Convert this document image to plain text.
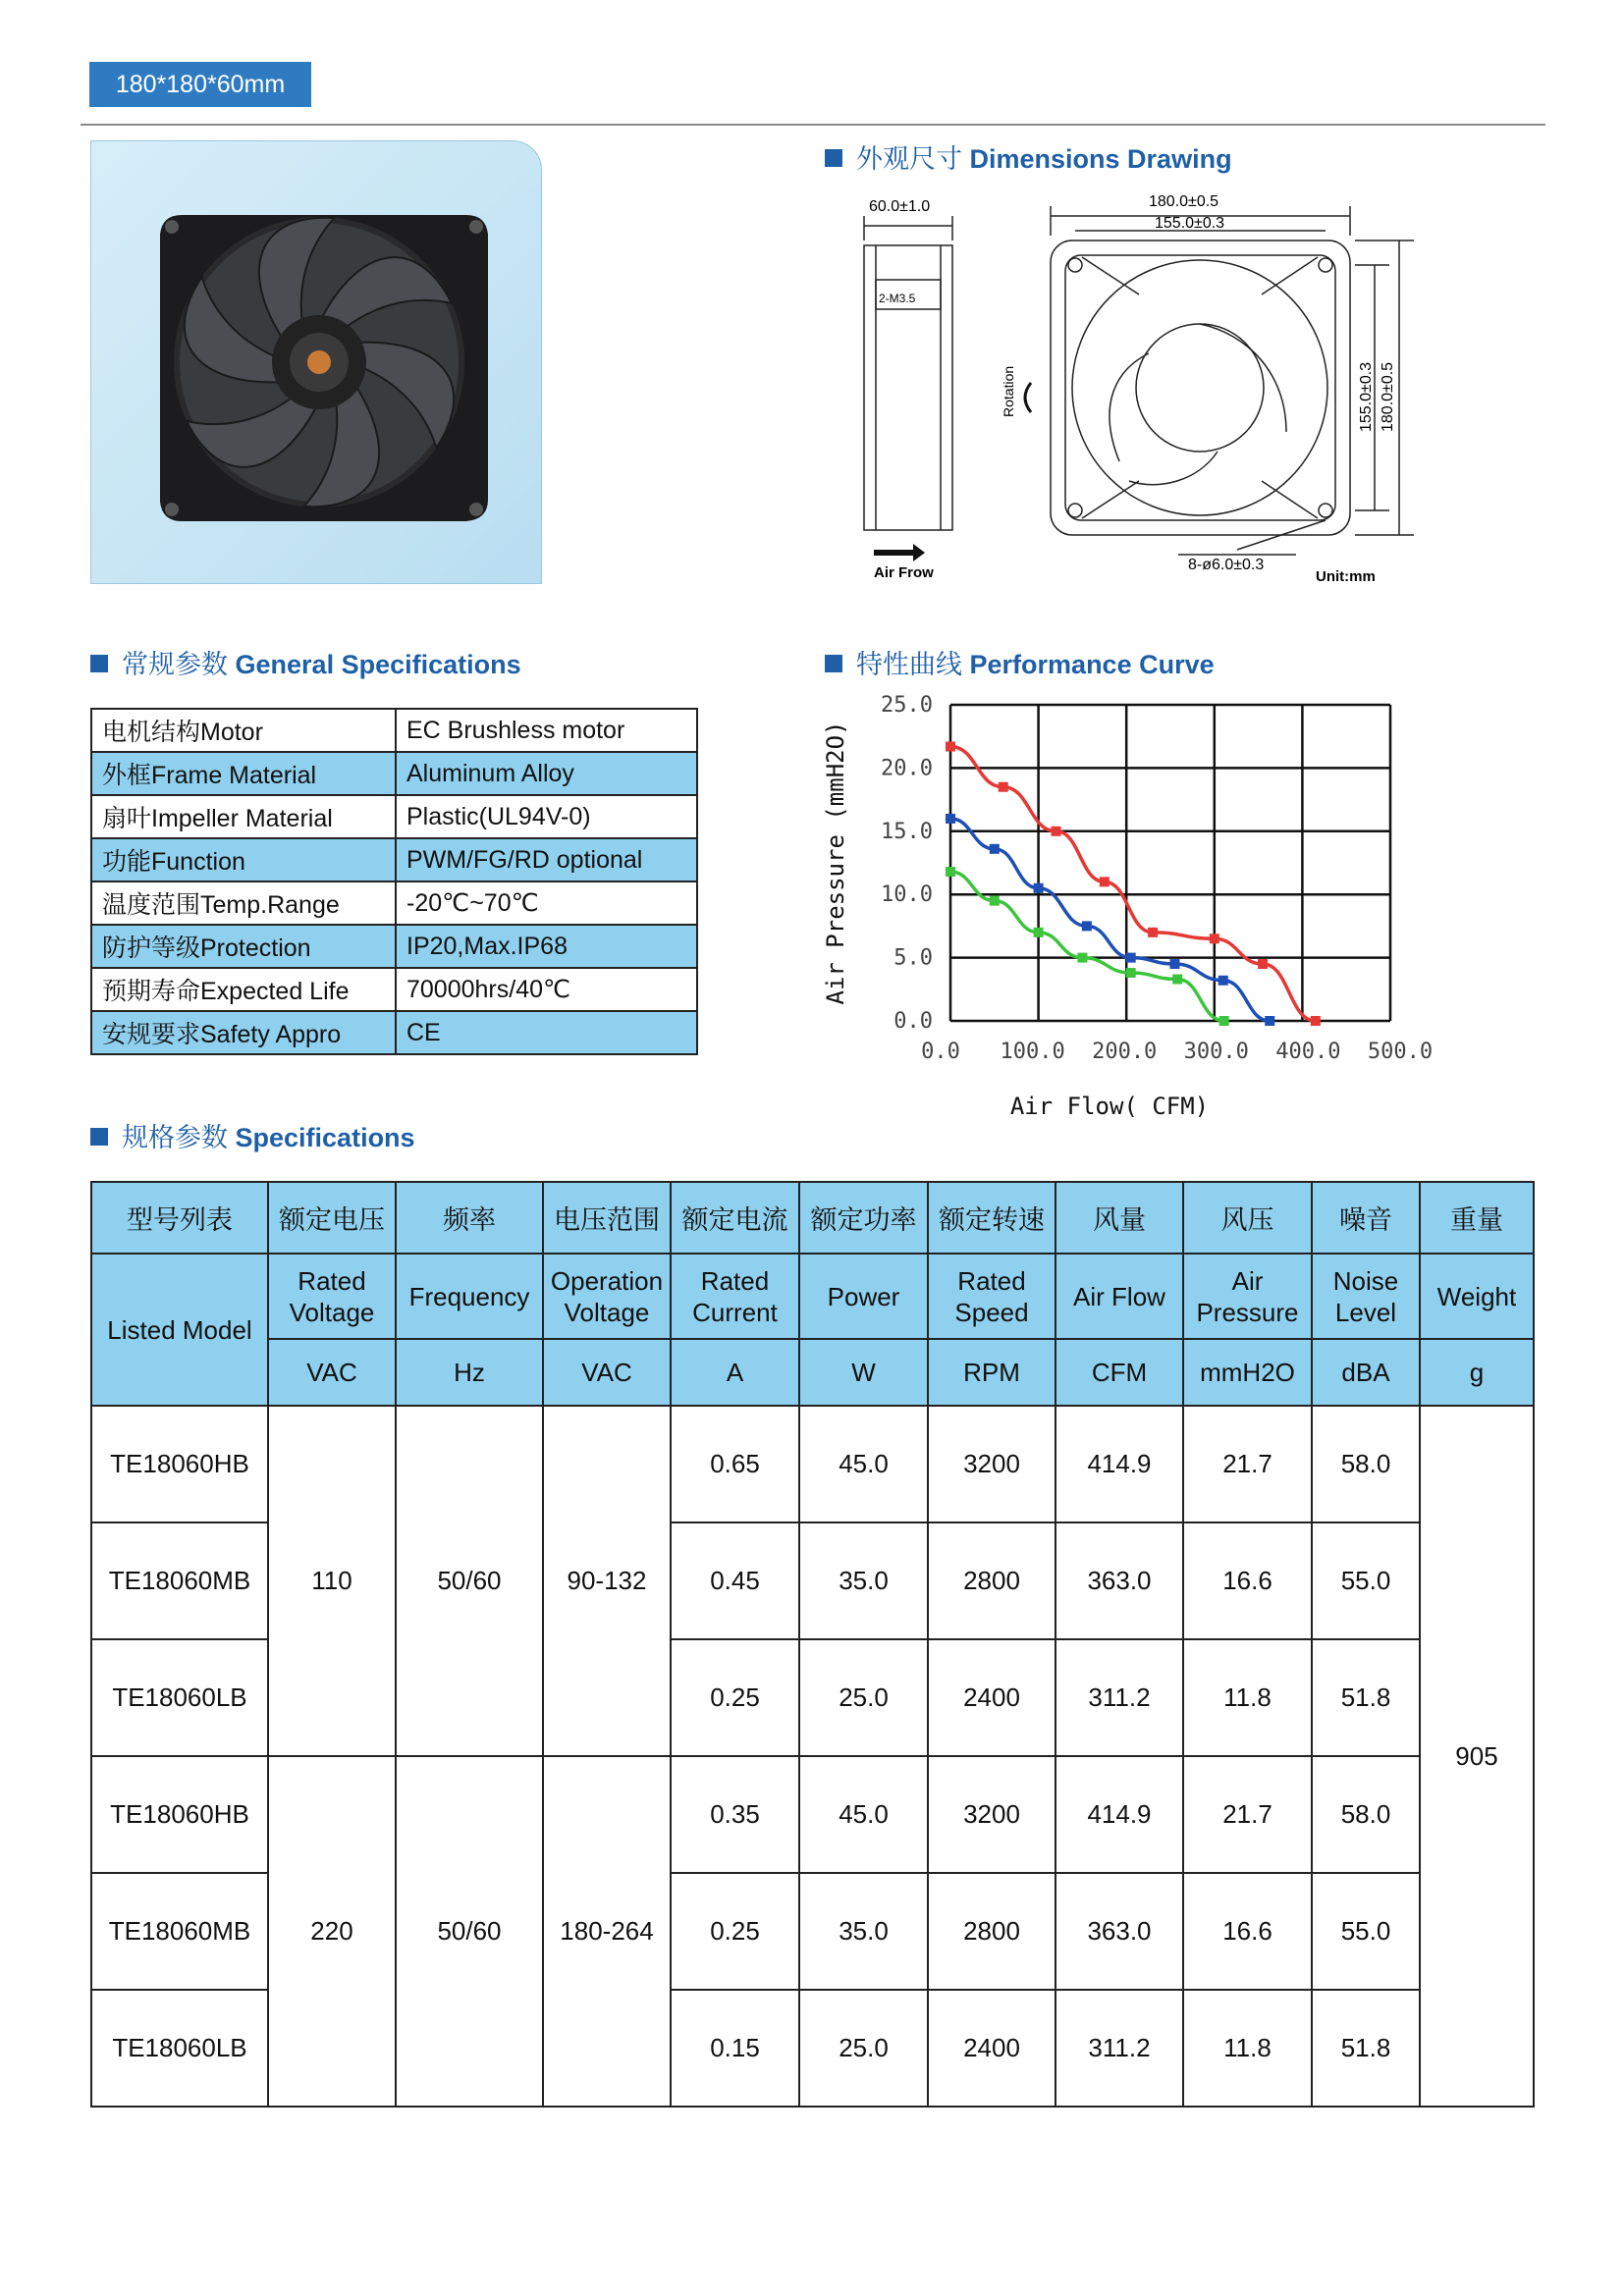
180*180*60mm
外观尺寸 Dimensions Drawing
60.0±1.0	180.0±0.5
155.0±0.3
2-M3.5
8-ø6.0±0.3
Air Frow	Unit:mm
Rotation	155.0±0.3 180.0±0.5
常规参数 General Specifications
电机结构Motor	EC Brushless motor
外框Frame Material	Aluminum Alloy
扇叶Impeller Material	Plastic(UL94V-0)
功能Function	PWM/FG/RD optional
温度范围Temp.Range	-20℃~70℃
防护等级Protection	IP20,Max.IP68
预期寿命Expected Life	70000hrs/40℃
安规要求Safety Appro	CE
特性曲线 Performance Curve
0.0
5.0
10.0
15.0
20.0
25.0
0.0 100.0 200.0 300.0 400.0 500.0
Air Pressure (mmH2O)
Air Flow( CFM)
规格参数 Specifications
型号列表	额定电压	频率	电压范围	额定电流	额定功率	额定转速	风量	风压	噪音	重量
Listed Model	Rated Voltage	Frequency	Operation Voltage	Rated Current	Power	Rated Speed	Air Flow	Air Pressure	Noise Level	Weight
	VAC	Hz	VAC	A	W	RPM	CFM	mmH2O	dBA	g
TE18060HB	110	50/60	90-132	0.65	45.0	3200	414.9	21.7	58.0	905
TE18060MB				0.45	35.0	2800	363.0	16.6	55.0	
TE18060LB				0.25	25.0	2400	311.2	11.8	51.8	
TE18060HB	220	50/60	180-264	0.35	45.0	3200	414.9	21.7	58.0	
TE18060MB				0.25	35.0	2800	363.0	16.6	55.0	
TE18060LB				0.15	25.0	2400	311.2	11.8	51.8	
